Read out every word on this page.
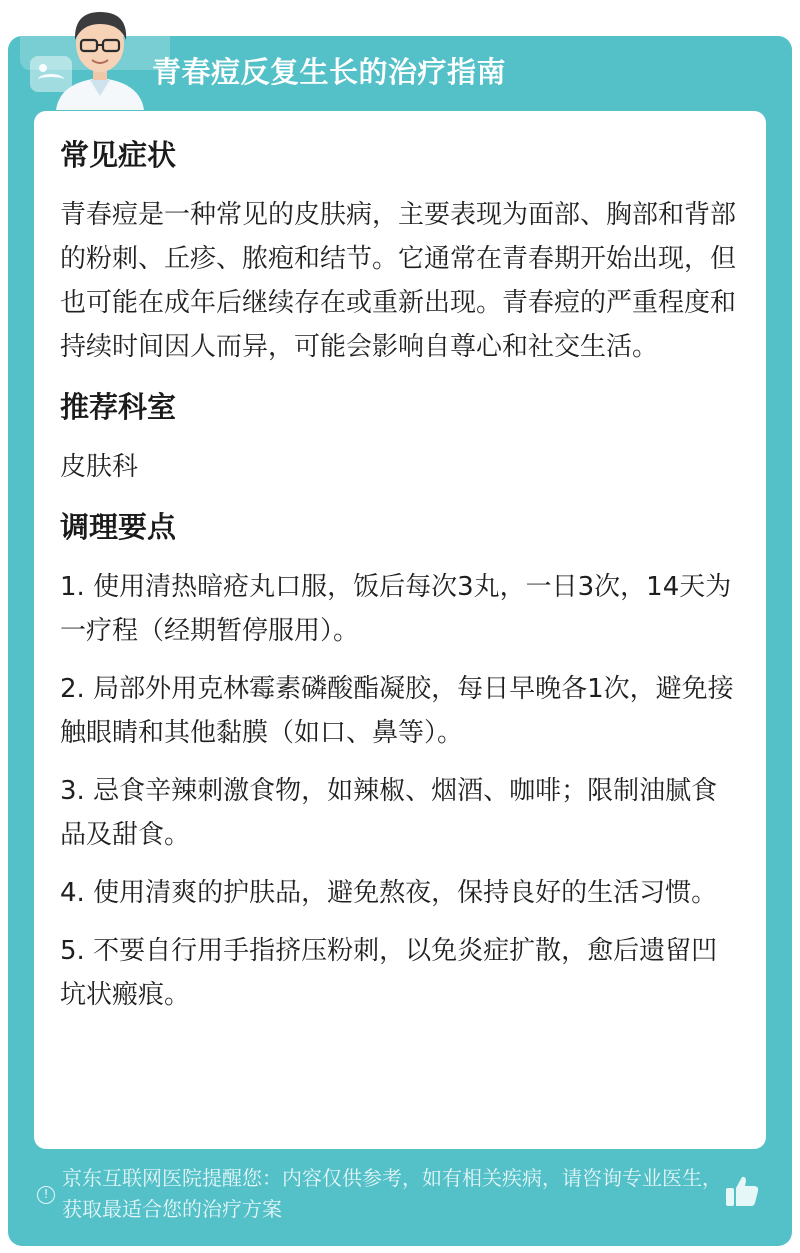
青春痘反复生长的治疗指南
常见症状
青春痘是一种常见的皮肤病，主要表现为面部、胸部和背部的粉刺、丘疹、脓疱和结节。它通常在青春期开始出现，但也可能在成年后继续存在或重新出现。青春痘的严重程度和持续时间因人而异，可能会影响自尊心和社交生活。
推荐科室
皮肤科
调理要点
1. 使用清热暗疮丸口服，饭后每次3丸，一日3次，14天为一疗程（经期暂停服用）。
2. 局部外用克林霉素磷酸酯凝胶，每日早晚各1次，避免接触眼睛和其他黏膜（如口、鼻等）。
3. 忌食辛辣刺激食物，如辣椒、烟酒、咖啡；限制油腻食品及甜食。
4. 使用清爽的护肤品，避免熬夜，保持良好的生活习惯。
5. 不要自行用手指挤压粉刺，以免炎症扩散，愈后遗留凹坑状瘢痕。
!
京东互联网医院提醒您：内容仅供参考，如有相关疾病，请咨询专业医生，获取最适合您的治疗方案
